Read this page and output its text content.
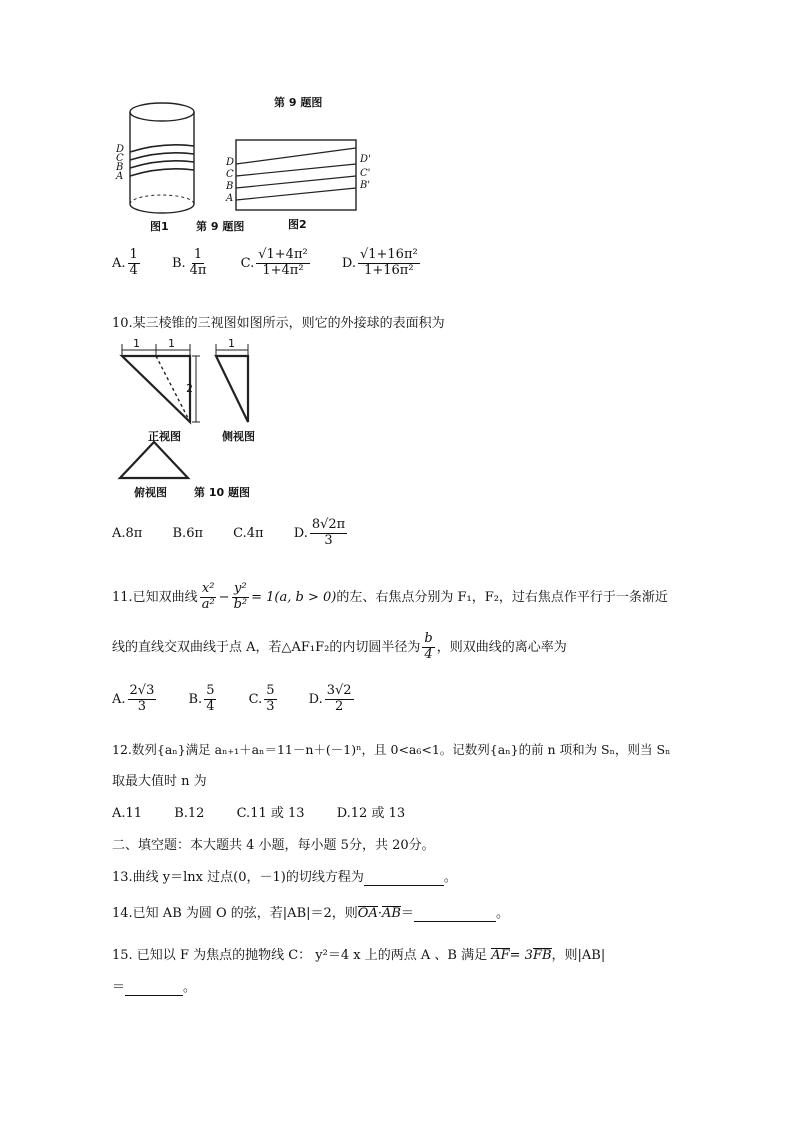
第 9 题图
D
C
B
A
D
C
B
A
D'
C'
B'
图1 第 9 题图	图2
A. $\frac{1}{4} B$. $\frac{1}{4\pi} C$. $\frac{\text{√1+4π²}}{\text{1+4π²}} D$. $\frac{\text{√1+16π²}}{\text{1+16π²}}$
10.某三棱锥的三视图如图所示，则它的外接球的表面积为
1	1
2
1
正视图	侧视图
俯视图 第 10 题图
A.8π B.6π C.4π D. $\frac{8√2\pi}{3}$
11.已知双曲线 $\frac{\text{x²}}{\text{a²}} - \frac{\text{y²}}{\text{b²}} = 1(a$, b > 0)的左、右焦点分别为 F₁，F₂，过右焦点作平行于一条渐近
线的直线交双曲线于点 A，若△AF₁F₂的内切圆半径为 $\frac{b}{4}$ ，则双曲线的离心率为
A. $\frac{2√3}{3} B$. $\frac{5}{4} C$. $\frac{5}{3} D$. $\frac{3√2}{2}$
12.数列{aₙ}满足 aₙ₊₁＋aₙ＝11－n＋(－1)ⁿ，且 0<a₆<1。记数列{aₙ}的前 n 项和为 Sₙ，则当 Sₙ
取最大值时 n 为
A.11 B.12 C.11 或 13 D.12 或 13
二、填空题：本大题共 4 小题，每小题 5分，共 20分。
13.曲线 y＝lnx 过点(0，－1)的切线方程为	。
14.已知 AB 为圆 O 的弦，若|AB|＝2，则OA·AB＝	。
15. 已知以 F 为焦点的抛物线 C： y²＝4 x 上的两点 A 、B 满足 AF= 3FB，则|AB|
＝	。
